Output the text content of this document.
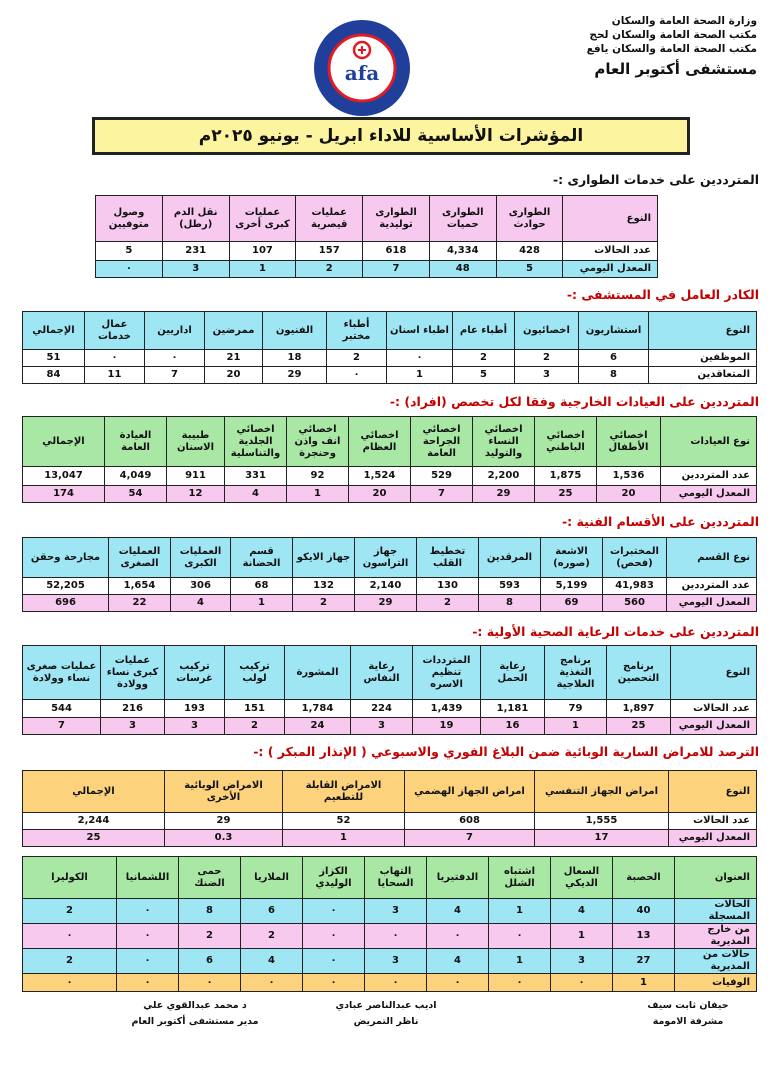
وزارة الصحة العامة والسكان
مكتب الصحة العامة والسكان لحج
مكتب الصحة العامة والسكان يافع
مستشفى أكتوبر العام
afa
المؤشرات الأساسية للاداء ابريل - يونيو ٢٠٢٥م
المترددين على خدمات الطوارى :-
النوع	الطوارى حوادث	الطوارى حميات	الطوارى توليدية	عمليات قيصرية	عمليات كبرى أخرى	نقل الدم (رطل)	وصول متوفيين
عدد الحالات	428	4,334	618	157	107	231	5
المعدل اليومي	5	48	7	2	1	3	٠
الكادر العامل في المستشفى :-
النوع	استشاريون	اخصائيون	أطباء عام	اطباء اسنان	أطباء مختبر	الفنيون	ممرضين	اداريين	عمال خدمات	الإجمالي
الموظفين	6	2	2	٠	2	18	21	٠	٠	51
المتعاقدين	8	3	5	1	٠	29	20	7	11	84
المترددين على العيادات الخارجية وفقا لكل تخصص (افراد) :-
نوع العيادات	اخصائي الأطفال	اخصائي الباطني	اخصائي النساء والتوليد	اخصائي الجراحة العامة	اخصائي العظام	اخصائي انف واذن وحنجرة	اخصائي الجلدية والتناسلية	طبيبة الاسنان	العيادة العامة	الإجمالي
عدد المترددين	1,536	1,875	2,200	529	1,524	92	331	911	4,049	13,047
المعدل اليومي	20	25	29	7	20	1	4	12	54	174
المترددين على الأقسام الفنية :-
نوع القسم	المختبرات (فحص)	الاشعة (صوره)	المرقدين	تخطيط القلب	جهاز التراسون	جهاز الايكو	قسم الحضانة	العمليات الكبرى	العمليات الصغرى	مجارحة وحقن
عدد المترددين	41,983	5,199	593	130	2,140	132	68	306	1,654	52,205
المعدل اليومي	560	69	8	2	29	2	1	4	22	696
المترددين على خدمات الرعاية الصحية الأولية :-
النوع	برنامج التحصين	برنامج التغذية العلاجية	رعاية الحمل	المترددات تنظيم الاسره	رعاية النفاس	المشورة	تركيب لولب	تركيب غرسات	عمليات كبرى نساء وولادة	عمليات صغرى نساء وولادة
عدد الحالات	1,897	79	1,181	1,439	224	1,784	151	193	216	544
المعدل اليومي	25	1	16	19	3	24	2	3	3	7
الترصد للامراض السارية الوبائية ضمن البلاغ الفوري والاسبوعي ( الإنذار المبكر ) :-
النوع	امراض الجهاز التنفسي	امراض الجهاز الهضمي	الامراض القابلة للتطعيم	الامراض الوبائية الأخرى	الإجمالي
عدد الحالات	1,555	608	52	29	2,244
المعدل اليومي	17	7	1	0.3	25
العنوان	الحصبة	السعال الديكي	اشتباه الشلل	الدفتيريا	التهاب السحايا	الكزاز الوليدي	الملاريا	حمى الضنك	اللشمانيا	الكوليرا
الحالات المسجلة	40	4	1	4	3	٠	6	8	٠	2
من خارج المديرية	13	1	٠	٠	٠	٠	2	2	٠	٠
حالات من المديرية	27	3	1	4	3	٠	4	6	٠	2
الوفيات	1	٠	٠	٠	٠	٠	٠	٠	٠	٠
حيفان ثابت سيف
مشرفة الامومة
اديب عبدالناصر عبادي
ناظر التمريض
د محمد عبدالقوي علي
مدير مستشفى أكتوبر العام
